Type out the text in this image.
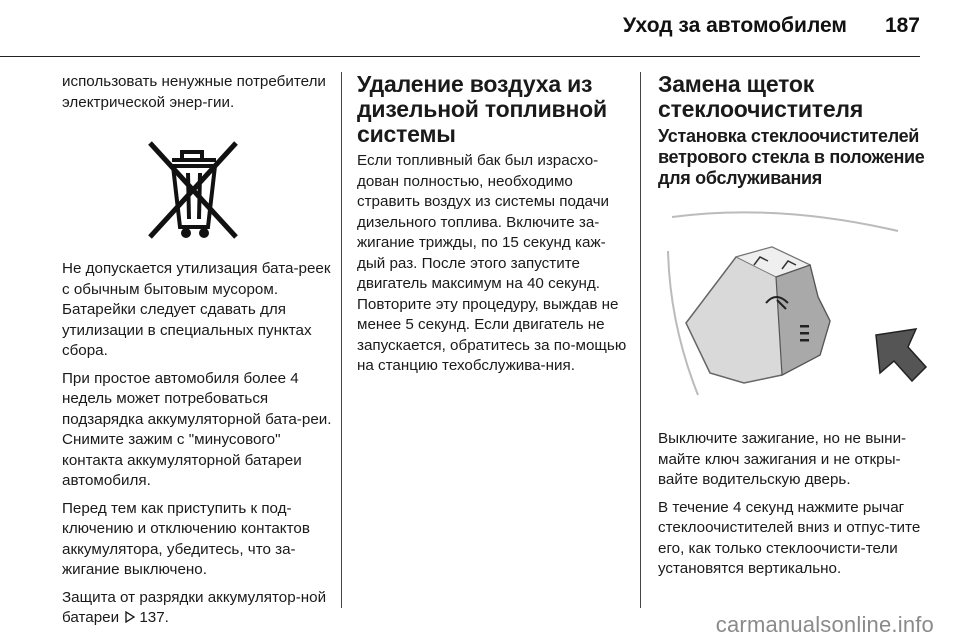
Уход за автомобилем 187

использовать ненужные потребители электрической энер‐гии.

Не допускается утилизация бата‐реек с обычным бытовым мусором. Батарейки следует сдавать для утилизации в специальных пунктах сбора.

При простое автомобиля более 4 недель может потребоваться подзарядка аккумуляторной бата‐реи. Снимите зажим с "минусового" контакта аккумуляторной батареи автомобиля.

Перед тем как приступить к под‐ключению и отключению контактов аккумулятора, убедитесь, что за‐жигание выключено.

Защита от разрядки аккумулятор‐ной батареи 137.

Удаление воздуха из дизельной топливной системы

Если топливный бак был израсхо‐дован полностью, необходимо стравить воздух из системы подачи дизельного топлива. Включите за‐жигание трижды, по 15 секунд каж‐дый раз. После этого запустите двигатель максимум на 40 секунд. Повторите эту процедуру, выждав не менее 5 секунд. Если двигатель не запускается, обратитесь за по‐мощью на станцию техобслужива‐ния.

Замена щеток стеклоочистителя
Установка стеклоочистителей ветрового стекла в положение для обслуживания

Выключите зажигание, но не выни‐майте ключ зажигания и не откры‐вайте водительскую дверь.

В течение 4 секунд нажмите рычаг стеклоочистителей вниз и отпус‐тите его, как только стеклоочисти‐тели установятся вертикально.

carmanualsonline.info
